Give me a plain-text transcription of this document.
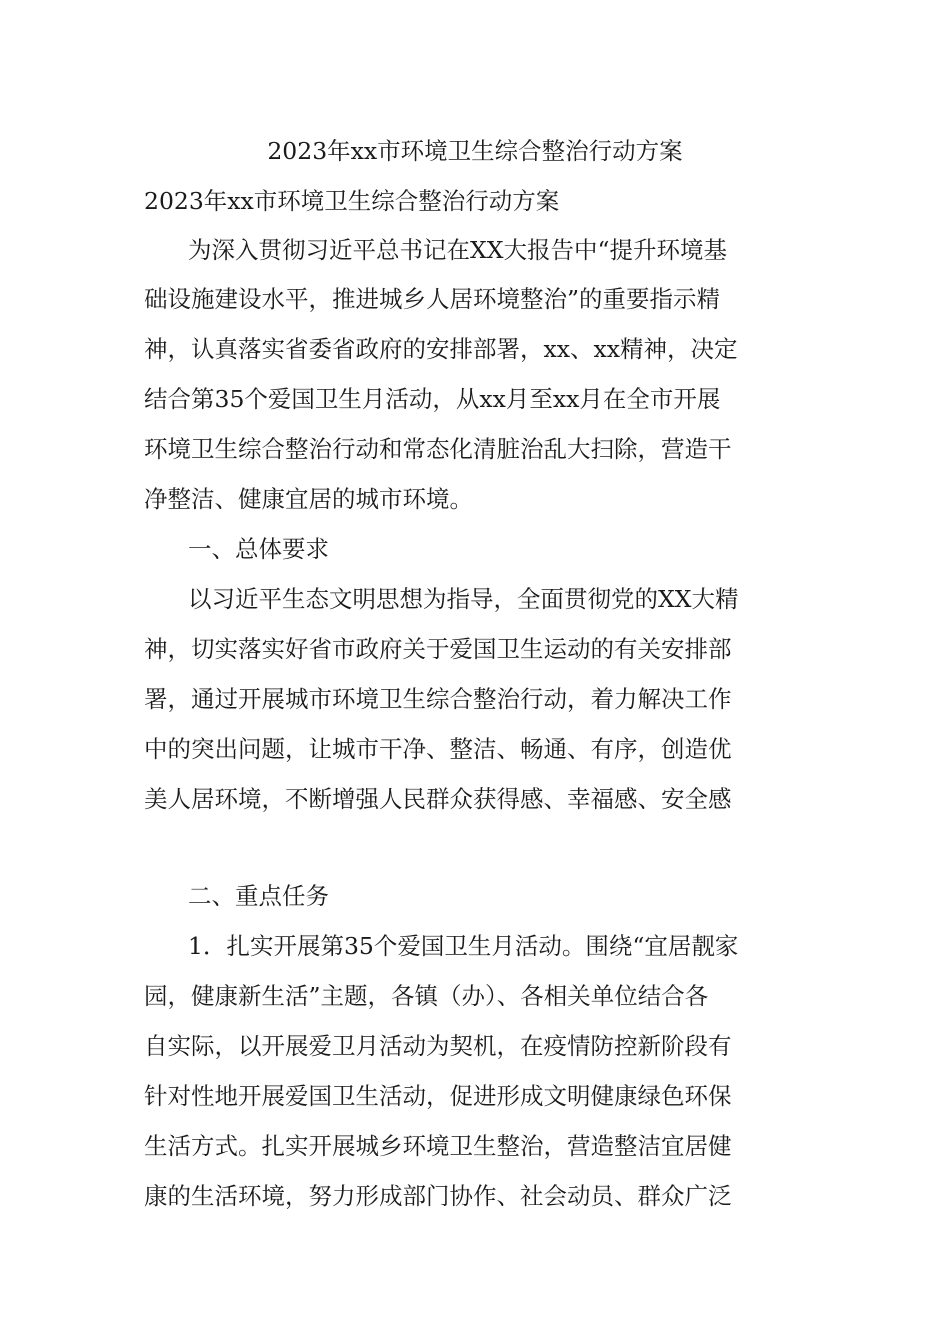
2023年xx市环境卫生综合整治行动方案
2023年xx市环境卫生综合整治行动方案
为深入贯彻习近平总书记在XX大报告中“提升环境基
础设施建设水平，推进城乡人居环境整治”的重要指示精
神，认真落实省委省政府的安排部署，xx、xx精神，决定
结合第35个爱国卫生月活动，从xx月至xx月在全市开展
环境卫生综合整治行动和常态化清脏治乱大扫除，营造干
净整洁、健康宜居的城市环境。
一、总体要求
以习近平生态文明思想为指导，全面贯彻党的XX大精
神，切实落实好省市政府关于爱国卫生运动的有关安排部
署，通过开展城市环境卫生综合整治行动，着力解决工作
中的突出问题，让城市干净、整洁、畅通、有序，创造优
美人居环境，不断增强人民群众获得感、幸福感、安全感
二、重点任务
1．扎实开展第35个爱国卫生月活动。围绕“宜居靓家
园，健康新生活”主题，各镇（办）、各相关单位结合各
自实际，以开展爱卫月活动为契机，在疫情防控新阶段有
针对性地开展爱国卫生活动，促进形成文明健康绿色环保
生活方式。扎实开展城乡环境卫生整治，营造整洁宜居健
康的生活环境，努力形成部门协作、社会动员、群众广泛
